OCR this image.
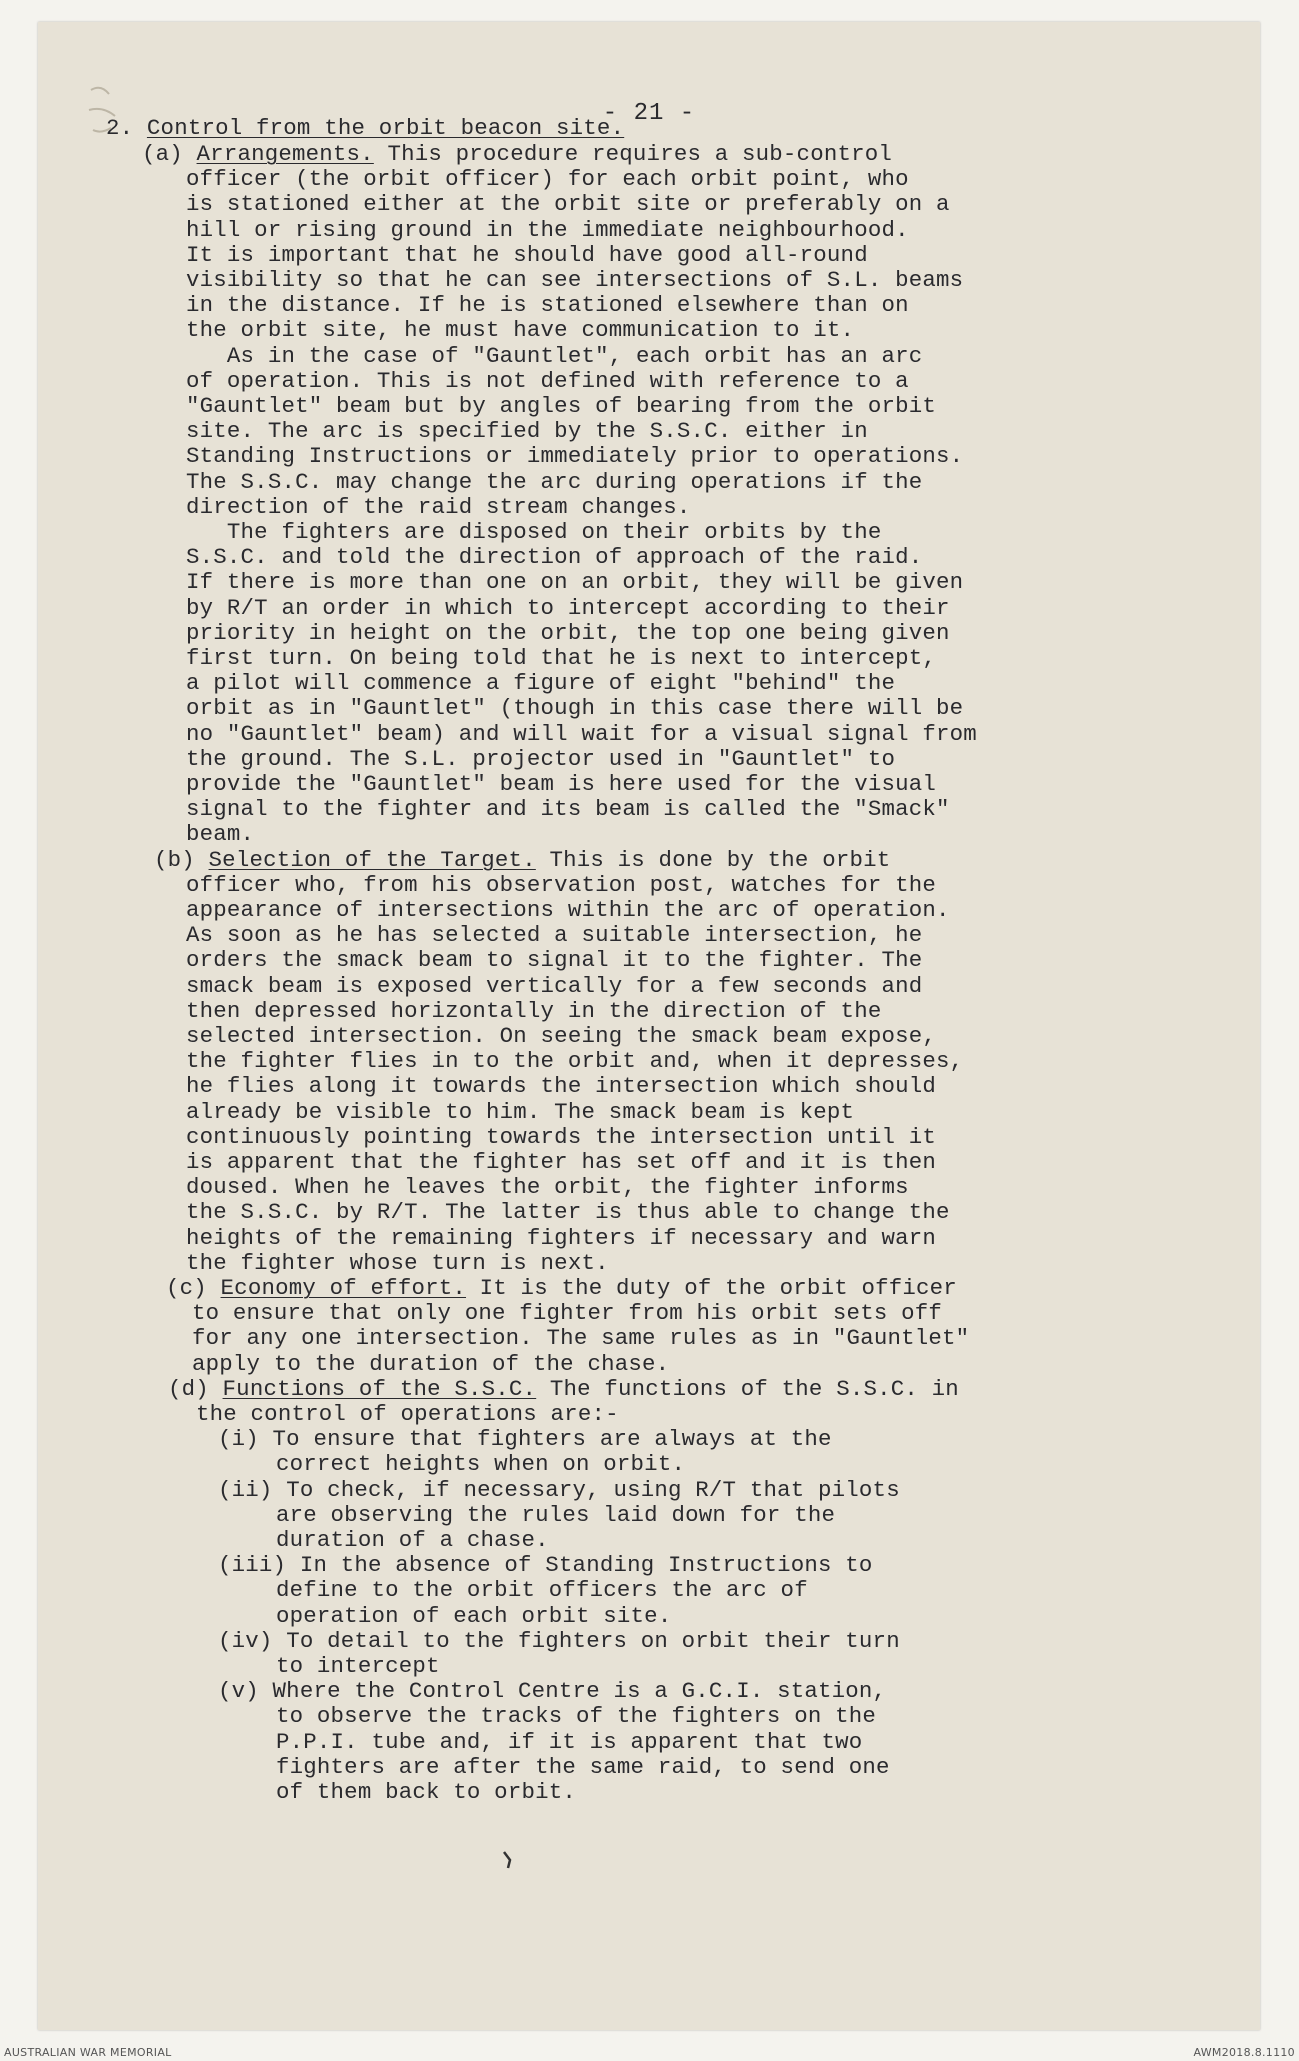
- 21 -
2. Control from the orbit beacon site.
(a) Arrangements. This procedure requires a sub-control
officer (the orbit officer) for each orbit point, who
is stationed either at the orbit site or preferably on a
hill or rising ground in the immediate neighbourhood.
It is important that he should have good all-round
visibility so that he can see intersections of S.L. beams
in the distance. If he is stationed elsewhere than on
the orbit site, he must have communication to it.
As in the case of "Gauntlet", each orbit has an arc
of operation. This is not defined with reference to a
"Gauntlet" beam but by angles of bearing from the orbit
site. The arc is specified by the S.S.C. either in
Standing Instructions or immediately prior to operations.
The S.S.C. may change the arc during operations if the
direction of the raid stream changes.
The fighters are disposed on their orbits by the
S.S.C. and told the direction of approach of the raid.
If there is more than one on an orbit, they will be given
by R/T an order in which to intercept according to their
priority in height on the orbit, the top one being given
first turn. On being told that he is next to intercept,
a pilot will commence a figure of eight "behind" the
orbit as in "Gauntlet" (though in this case there will be
no "Gauntlet" beam) and will wait for a visual signal from
the ground. The S.L. projector used in "Gauntlet" to
provide the "Gauntlet" beam is here used for the visual
signal to the fighter and its beam is called the "Smack"
beam.
(b) Selection of the Target. This is done by the orbit
officer who, from his observation post, watches for the
appearance of intersections within the arc of operation.
As soon as he has selected a suitable intersection, he
orders the smack beam to signal it to the fighter. The
smack beam is exposed vertically for a few seconds and
then depressed horizontally in the direction of the
selected intersection. On seeing the smack beam expose,
the fighter flies in to the orbit and, when it depresses,
he flies along it towards the intersection which should
already be visible to him. The smack beam is kept
continuously pointing towards the intersection until it
is apparent that the fighter has set off and it is then
doused. When he leaves the orbit, the fighter informs
the S.S.C. by R/T. The latter is thus able to change the
heights of the remaining fighters if necessary and warn
the fighter whose turn is next.
(c) Economy of effort. It is the duty of the orbit officer
to ensure that only one fighter from his orbit sets off
for any one intersection. The same rules as in "Gauntlet"
apply to the duration of the chase.
(d) Functions of the S.S.C. The functions of the S.S.C. in
the control of operations are:-
(i) To ensure that fighters are always at the
correct heights when on orbit.
(ii) To check, if necessary, using R/T that pilots
are observing the rules laid down for the
duration of a chase.
(iii) In the absence of Standing Instructions to
define to the orbit officers the arc of
operation of each orbit site.
(iv) To detail to the fighters on orbit their turn
to intercept
(v) Where the Control Centre is a G.C.I. station,
to observe the tracks of the fighters on the
P.P.I. tube and, if it is apparent that two
fighters are after the same raid, to send one
of them back to orbit.
AUSTRALIAN WAR MEMORIAL	AWM2018.8.1110
